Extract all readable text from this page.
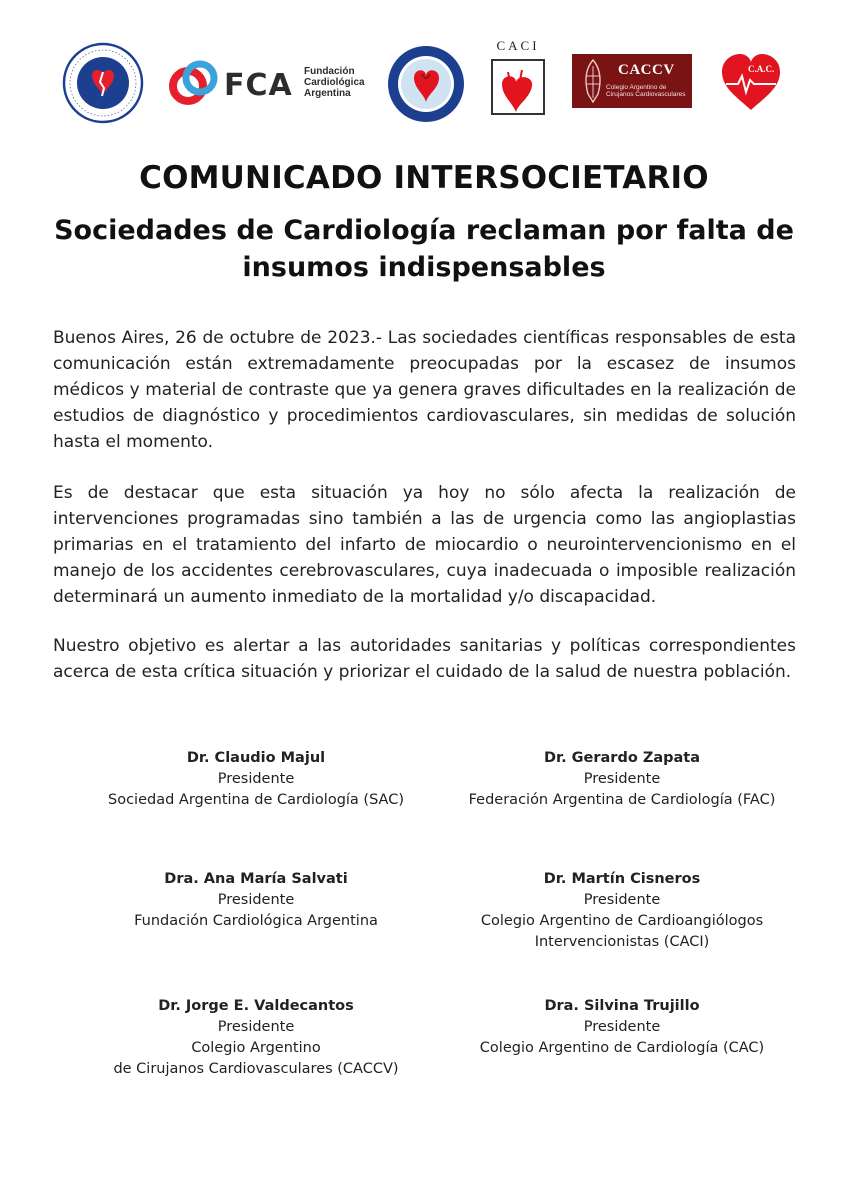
FCA Fundación
Cardiológica
Argentina
CACI
CACCV
Colegio Argentino de
Cirujanos Cardiovasculares
C.A.C.
COMUNICADO INTERSOCIETARIO
Sociedades de Cardiología reclaman por falta de insumos indispensables

Buenos Aires, 26 de octubre de 2023.- Las sociedades científicas responsables de esta comunicación están extremadamente preocupadas por la escasez de insumos médicos y material de contraste que ya genera graves dificultades en la realización de estudios de diagnóstico y procedimientos cardiovasculares, sin medidas de solución hasta el momento.

Es de destacar que esta situación ya hoy no sólo afecta la realización de intervenciones programadas sino también a las de urgencia como las angioplastias primarias en el tratamiento del infarto de miocardio o neurointervencionismo en el manejo de los accidentes cerebrovasculares, cuya inadecuada o imposible realización determinará un aumento inmediato de la mortalidad y/o discapacidad.

Nuestro objetivo es alertar a las autoridades sanitarias y políticas correspondientes acerca de esta crítica situación y priorizar el cuidado de la salud de nuestra población.

Dr. Claudio Majul
Presidente
Sociedad Argentina de Cardiología (SAC)
Dr. Gerardo Zapata
Presidente
Federación Argentina de Cardiología (FAC)
Dra. Ana María Salvati
Presidente
Fundación Cardiológica Argentina
Dr. Martín Cisneros
Presidente
Colegio Argentino de Cardioangiólogos
Intervencionistas (CACI)
Dr. Jorge E. Valdecantos
Presidente
Colegio Argentino
de Cirujanos Cardiovasculares (CACCV)
Dra. Silvina Trujillo
Presidente
Colegio Argentino de Cardiología (CAC)
